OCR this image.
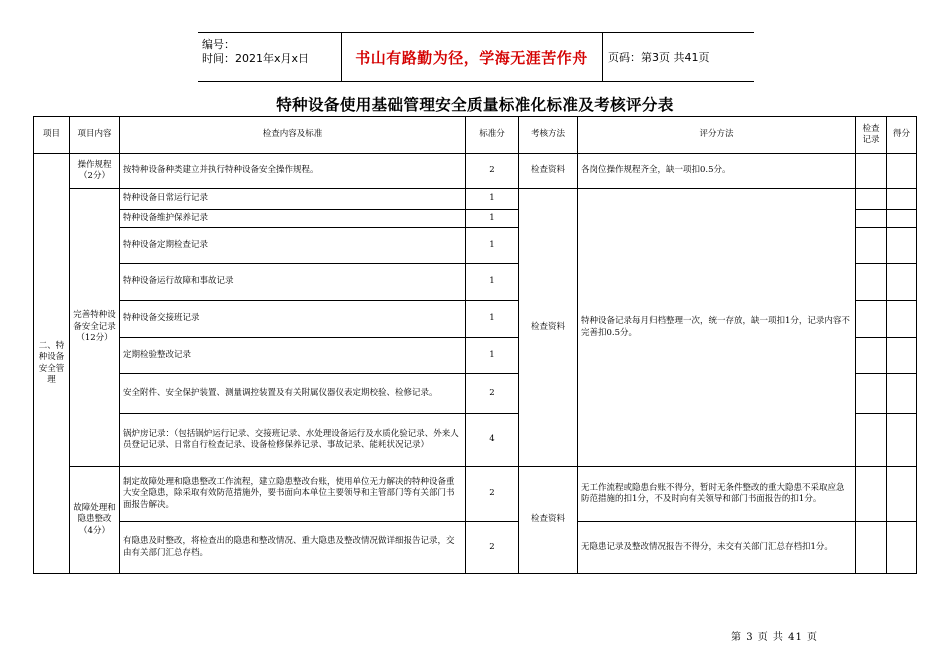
编号：
时间：2021年x月x日	书山有路勤为径，学海无涯苦作舟	页码：第3页 共41页
特种设备使用基础管理安全质量标准化标准及考核评分表
项目	项目内容	检查内容及标准	标准分	考核方法	评分方法	检查记录	得分
二、特种设备安全管理	操作规程（2分）	按特种设备种类建立并执行特种设备安全操作规程。	2	检查资料	各岗位操作规程齐全，缺一项扣0.5分。		
	完善特种设备安全记录（12分）	特种设备日常运行记录	1	检查资料	特种设备记录每月归档整理一次，统一存放，缺一项扣1分，记录内容不完善扣0.5分。		
		特种设备维护保养记录	1				
		特种设备定期检查记录	1				
		特种设备运行故障和事故记录	1				
		特种设备交接班记录	1				
		定期检验整改记录	1				
		安全附件、安全保护装置、测量调控装置及有关附属仪器仪表定期校验、检修记录。	2				
		锅炉房记录：（包括锅炉运行记录、交接班记录、水处理设备运行及水质化验记录、外来人员登记记录、日常自行检查记录、设备检修保养记录、事故记录、能耗状况记录）	4				
	故障处理和隐患整改（4分）	制定故障处理和隐患整改工作流程，建立隐患整改台账，使用单位无力解决的特种设备重大安全隐患，除采取有效防范措施外，要书面向本单位主要领导和主管部门等有关部门书面报告解决。	2	检查资料	无工作流程或隐患台账不得分，暂时无条件整改的重大隐患不采取应急防范措施的扣1分，不及时向有关领导和部门书面报告的扣1分。		
		有隐患及时整改，将检查出的隐患和整改情况、重大隐患及整改情况做详细报告记录，交由有关部门汇总存档。	2		无隐患记录及整改情况报告不得分，未交有关部门汇总存档扣1分。		
第 3 页 共 41 页
